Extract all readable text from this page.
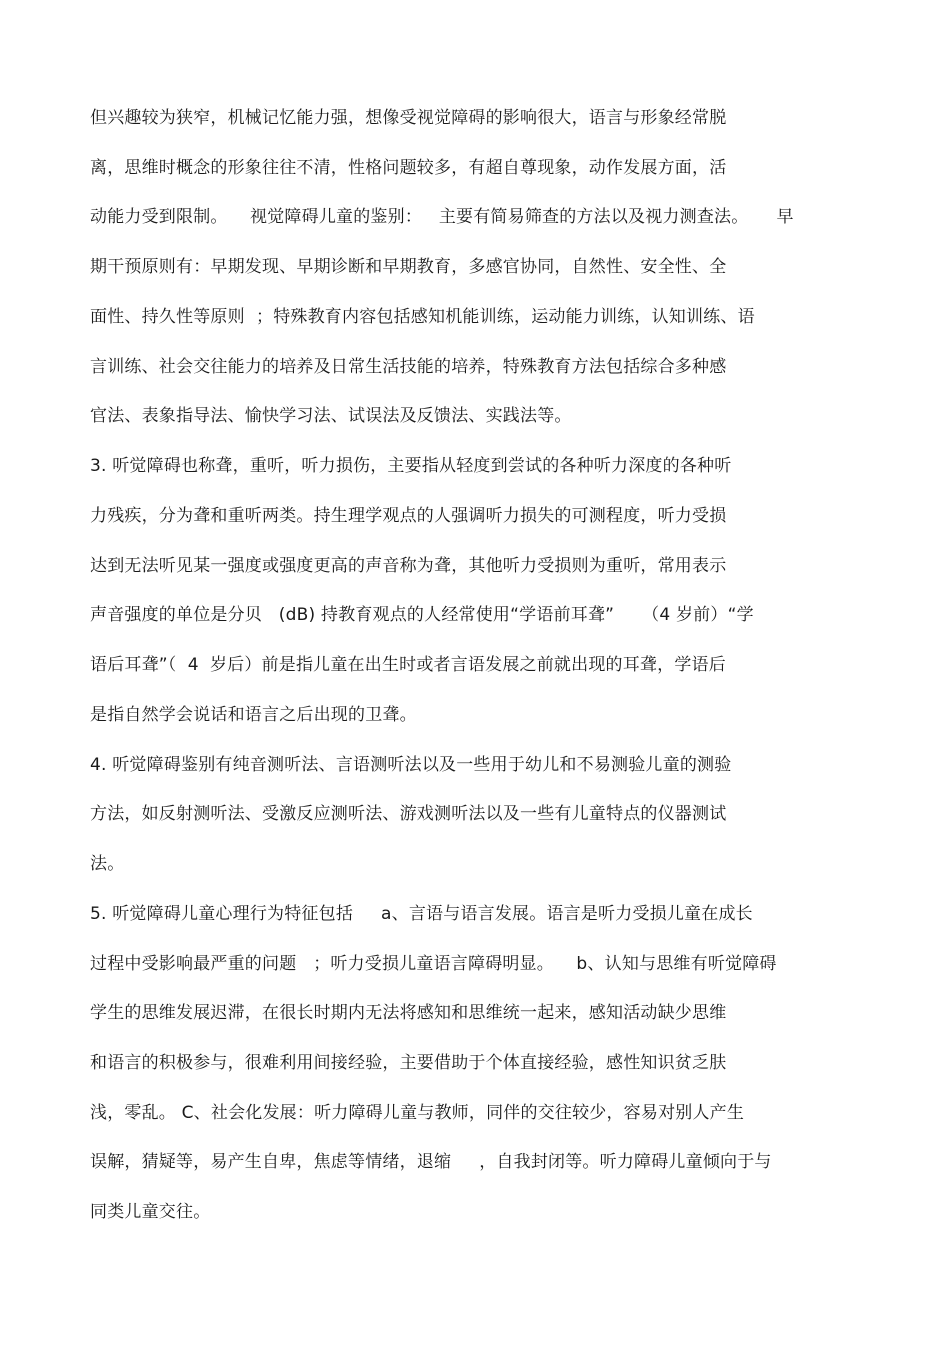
但兴趣较为狭窄，机械记忆能力强，想像受视觉障碍的影响很大，语言与形象经常脱
离，思维时概念的形象往往不清，性格问题较多，有超自尊现象，动作发展方面，活
动能力受到限制。    视觉障碍儿童的鉴别：   主要有简易筛查的方法以及视力测查法。     早
期干预原则有：早期发现、早期诊断和早期教育，多感官协同，自然性、安全性、全
面性、持久性等原则  ；特殊教育内容包括感知机能训练，运动能力训练，认知训练、语
言训练、社会交往能力的培养及日常生活技能的培养，特殊教育方法包括综合多种感
官法、表象指导法、愉快学习法、试误法及反馈法、实践法等。
3. 听觉障碍也称聋，重听，听力损伤，主要指从轻度到尝试的各种听力深度的各种听
力残疾，分为聋和重听两类。持生理学观点的人强调听力损失的可测程度，听力受损
达到无法听见某一强度或强度更高的声音称为聋，其他听力受损则为重听，常用表示
声音强度的单位是分贝   (dB) 持教育观点的人经常使用“学语前耳聋”     （4 岁前）“学
语后耳聋”（  4  岁后）前是指儿童在出生时或者言语发展之前就出现的耳聋，学语后
是指自然学会说话和语言之后出现的卫聋。
4. 听觉障碍鉴别有纯音测听法、言语测听法以及一些用于幼儿和不易测验儿童的测验
方法，如反射测听法、受激反应测听法、游戏测听法以及一些有儿童特点的仪器测试
法。
5. 听觉障碍儿童心理行为特征包括     a、言语与语言发展。语言是听力受损儿童在成长
过程中受影响最严重的问题   ；听力受损儿童语言障碍明显。    b、认知与思维有听觉障碍
学生的思维发展迟滞，在很长时期内无法将感知和思维统一起来，感知活动缺少思维
和语言的积极参与，很难利用间接经验，主要借助于个体直接经验，感性知识贫乏肤
浅，零乱。 C、社会化发展：听力障碍儿童与教师，同伴的交往较少，容易对别人产生
误解，猜疑等，易产生自卑，焦虑等情绪，退缩     ，自我封闭等。听力障碍儿童倾向于与
同类儿童交往。
